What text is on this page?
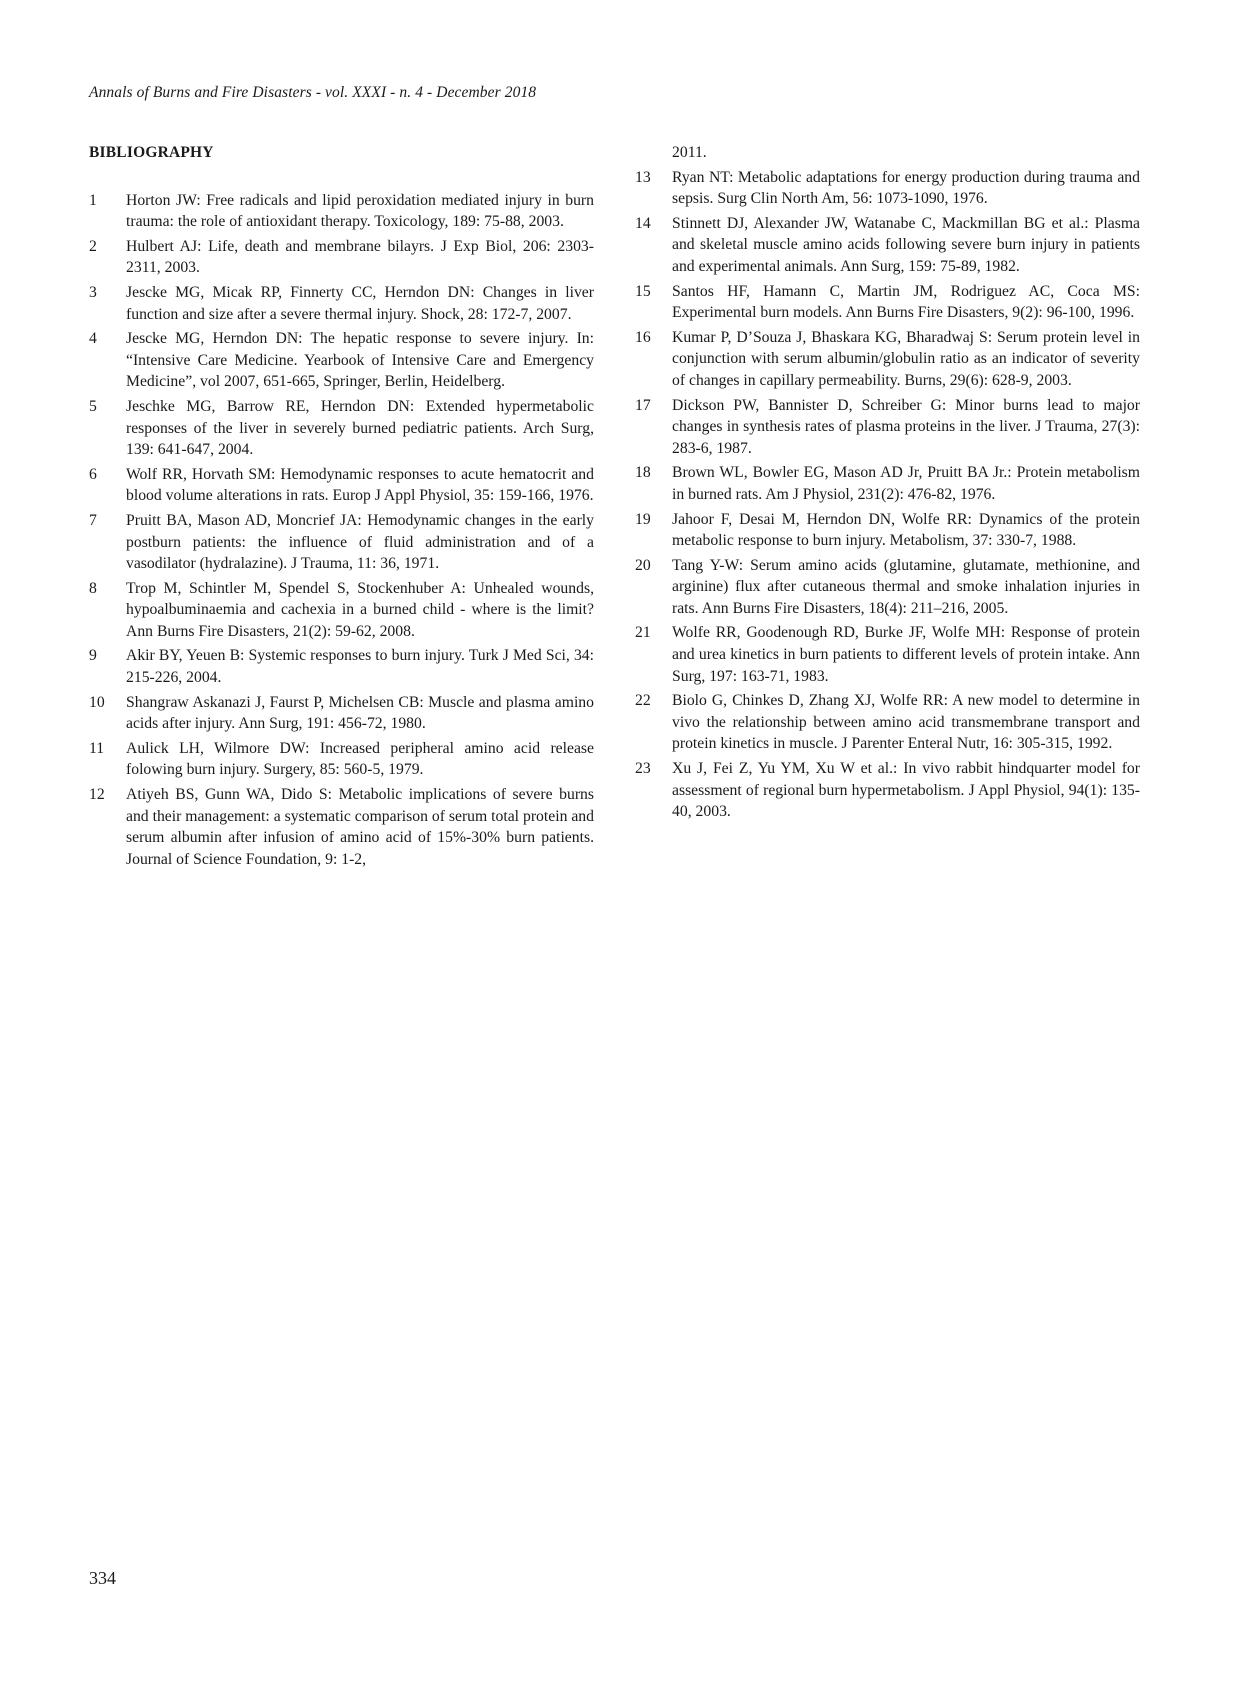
Annals of Burns and Fire Disasters - vol. XXXI - n. 4 - December 2018
BIBLIOGRAPHY
1	Horton JW: Free radicals and lipid peroxidation mediated injury in burn trauma: the role of antioxidant therapy. Toxicology, 189: 75-88, 2003.
2	Hulbert AJ: Life, death and membrane bilayrs. J Exp Biol, 206: 2303-2311, 2003.
3	Jescke MG, Micak RP, Finnerty CC, Herndon DN: Changes in liver function and size after a severe thermal injury. Shock, 28: 172-7, 2007.
4	Jescke MG, Herndon DN: The hepatic response to severe injury. In: “Intensive Care Medicine. Yearbook of Intensive Care and Emergency Medicine”, vol 2007, 651-665, Springer, Berlin, Heidelberg.
5	Jeschke MG, Barrow RE, Herndon DN: Extended hypermetabolic responses of the liver in severely burned pediatric patients. Arch Surg, 139: 641-647, 2004.
6	Wolf RR, Horvath SM: Hemodynamic responses to acute hematocrit and blood volume alterations in rats. Europ J Appl Physiol, 35: 159-166, 1976.
7	Pruitt BA, Mason AD, Moncrief JA: Hemodynamic changes in the early postburn patients: the influence of fluid administration and of a vasodilator (hydralazine). J Trauma, 11: 36, 1971.
8	Trop M, Schintler M, Spendel S, Stockenhuber A: Unhealed wounds, hypoalbuminaemia and cachexia in a burned child - where is the limit? Ann Burns Fire Disasters, 21(2): 59-62, 2008.
9	Akir BY, Yeuen B: Systemic responses to burn injury. Turk J Med Sci, 34: 215-226, 2004.
10	Shangraw Askanazi J, Faurst P, Michelsen CB: Muscle and plasma amino acids after injury. Ann Surg, 191: 456-72, 1980.
11	Aulick LH, Wilmore DW: Increased peripheral amino acid release folowing burn injury. Surgery, 85: 560-5, 1979.
12	Atiyeh BS, Gunn WA, Dido S: Metabolic implications of severe burns and their management: a systematic comparison of serum total protein and serum albumin after infusion of amino acid of 15%-30% burn patients. Journal of Science Foundation, 9: 1-2,
2011.
13	Ryan NT: Metabolic adaptations for energy production during trauma and sepsis. Surg Clin North Am, 56: 1073-1090, 1976.
14	Stinnett DJ, Alexander JW, Watanabe C, Mackmillan BG et al.: Plasma and skeletal muscle amino acids following severe burn injury in patients and experimental animals. Ann Surg, 159: 75-89, 1982.
15	Santos HF, Hamann C, Martin JM, Rodriguez AC, Coca MS: Experimental burn models. Ann Burns Fire Disasters, 9(2): 96-100, 1996.
16	Kumar P, D’Souza J, Bhaskara KG, Bharadwaj S: Serum protein level in conjunction with serum albumin/globulin ratio as an indicator of severity of changes in capillary permeability. Burns, 29(6): 628-9, 2003.
17	Dickson PW, Bannister D, Schreiber G: Minor burns lead to major changes in synthesis rates of plasma proteins in the liver. J Trauma, 27(3): 283-6, 1987.
18	Brown WL, Bowler EG, Mason AD Jr, Pruitt BA Jr.: Protein metabolism in burned rats. Am J Physiol, 231(2): 476-82, 1976.
19	Jahoor F, Desai M, Herndon DN, Wolfe RR: Dynamics of the protein metabolic response to burn injury. Metabolism, 37: 330-7, 1988.
20	Tang Y-W: Serum amino acids (glutamine, glutamate, methionine, and arginine) flux after cutaneous thermal and smoke inhalation injuries in rats. Ann Burns Fire Disasters, 18(4): 211–216, 2005.
21	Wolfe RR, Goodenough RD, Burke JF, Wolfe MH: Response of protein and urea kinetics in burn patients to different levels of protein intake. Ann Surg, 197: 163-71, 1983.
22	Biolo G, Chinkes D, Zhang XJ, Wolfe RR: A new model to determine in vivo the relationship between amino acid transmembrane transport and protein kinetics in muscle. J Parenter Enteral Nutr, 16: 305-315, 1992.
23	Xu J, Fei Z, Yu YM, Xu W et al.: In vivo rabbit hindquarter model for assessment of regional burn hypermetabolism. J Appl Physiol, 94(1): 135-40, 2003.
334
